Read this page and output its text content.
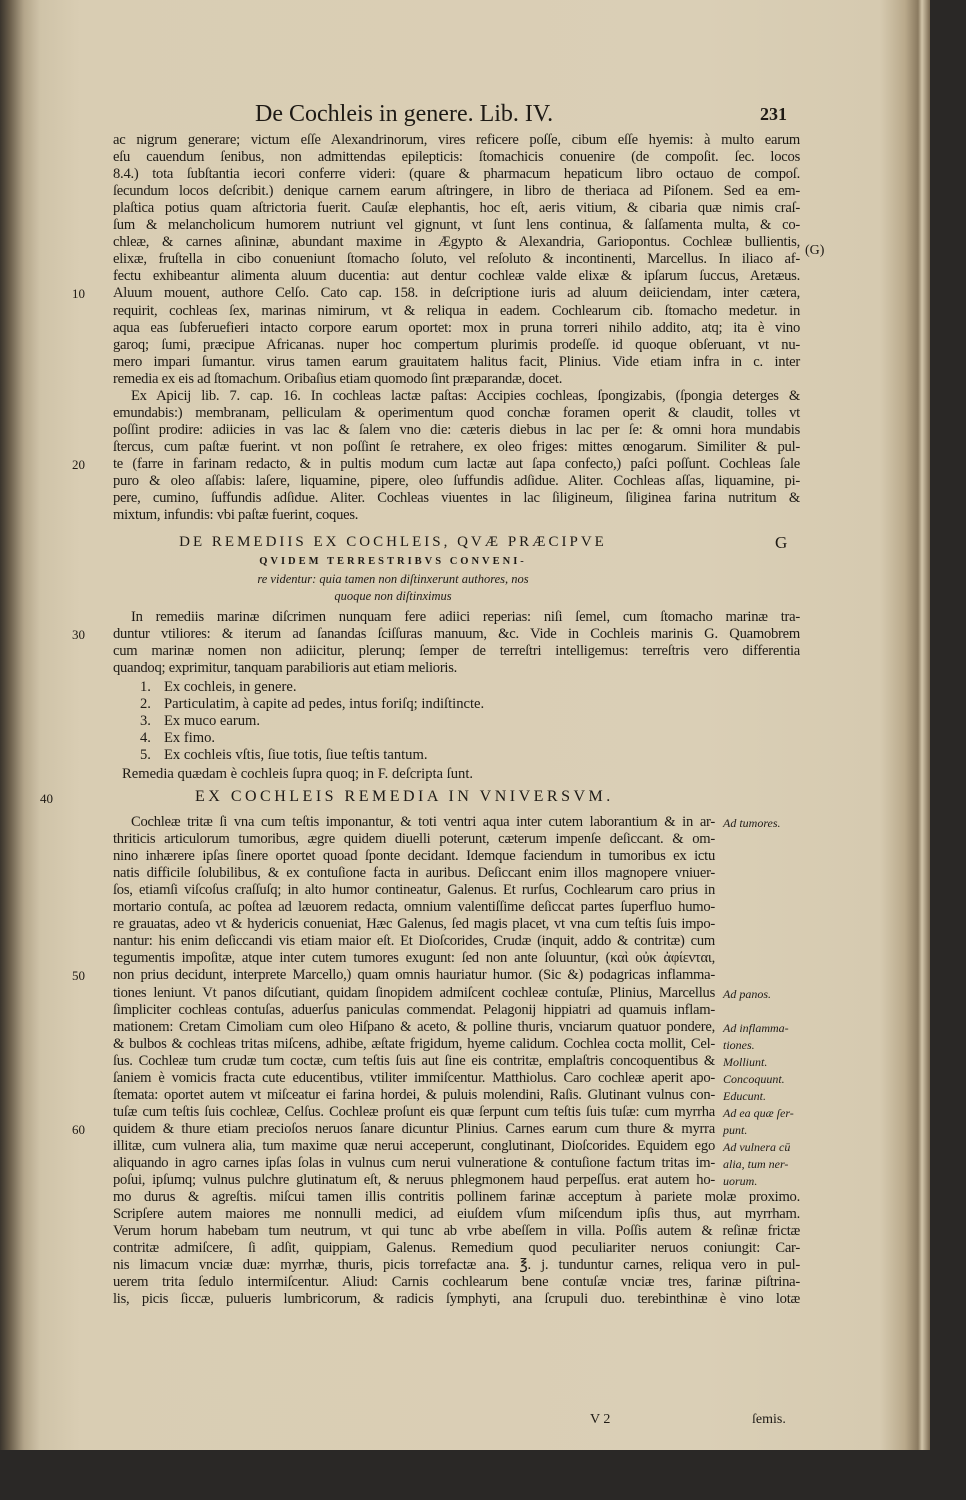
De Cochleis in genere. Lib. IV.	231
(G)
DE REMEDIIS EX COCHLEIS, QVÆ PRÆCIPVE	G
QVIDEM TERRESTRIBVS CONVENI-
re videntur: quia tamen non diſtinxerunt authores, nos
quoque non diſtinximus
Remedia quædam è cochleis ſupra quoq; in F. deſcripta ſunt.
EX COCHLEIS REMEDIA IN VNIVERSVM.
V 2	ſemis.
ac nigrum generare; victum eſſe Alexandrinorum, vires reficere poſſe, cibum eſſe hyemis: à multo earum
eſu cauendum ſenibus, non admittendas epilepticis: ſtomachicis conuenire (de compoſit. ſec. locos
8.4.) tota ſubſtantia iecori conferre videri: (quare & pharmacum hepaticum libro octauo de compoſ.
ſecundum locos deſcribit.) denique carnem earum aſtringere, in libro de theriaca ad Piſonem. Sed ea em-
plaſtica potius quam aſtrictoria fuerit. Cauſæ elephantis, hoc eſt, aeris vitium, & cibaria quæ nimis craſ-
ſum & melancholicum humorem nutriunt vel gignunt, vt ſunt lens continua, & ſalſamenta multa, & co-
chleæ, & carnes aſininæ, abundant maxime in Ægypto & Alexandria, Gariopontus. Cochleæ bullientis,
elixæ, fruſtella in cibo conueniunt ſtomacho ſoluto, vel reſoluto & incontinenti, Marcellus. In iliaco af-
fectu exhibeantur alimenta aluum ducentia: aut dentur cochleæ valde elixæ & ipſarum ſuccus, Aretæus.
Aluum mouent, authore Celſo. Cato cap. 158. in deſcriptione iuris ad aluum deiiciendam, inter cætera,
requirit, cochleas ſex, marinas nimirum, vt & reliqua in eadem. Cochlearum cib. ſtomacho medetur. in
aqua eas ſubferuefieri intacto corpore earum oportet: mox in pruna torreri nihilo addito, atq; ita è vino
garoq; ſumi, præcipue Africanas. nuper hoc compertum plurimis prodeſſe. id quoque obſeruant, vt nu-
mero impari ſumantur. virus tamen earum grauitatem halitus facit, Plinius. Vide etiam infra in c. inter
remedia ex eis ad ſtomachum. Oribaſius etiam quomodo ſint præparandæ, docet.
Ex Apicij lib. 7. cap. 16. In cochleas lactæ paſtas: Accipies cochleas, ſpongizabis, (ſpongia deterges &
emundabis:) membranam, pelliculam & operimentum quod conchæ foramen operit & claudit, tolles vt
poſſint prodire: adiicies in vas lac & ſalem vno die: cæteris diebus in lac per ſe: & omni hora mundabis
ſtercus, cum paſtæ fuerint. vt non poſſint ſe retrahere, ex oleo friges: mittes œnogarum. Similiter & pul-
te (farre in farinam redacto, & in pultis modum cum lactæ aut ſapa confecto,) paſci poſſunt. Cochleas ſale
puro & oleo aſſabis: laſere, liquamine, pipere, oleo ſuffundis adſidue. Aliter. Cochleas aſſas, liquamine, pi-
pere, cumino, ſuffundis adſidue. Aliter. Cochleas viuentes in lac ſiligineum, ſiliginea farina nutritum &
mixtum, infundis: vbi paſtæ fuerint, coques.
In remediis marinæ diſcrimen nunquam fere adiici reperias: niſi ſemel, cum ſtomacho marinæ tra-
duntur vtiliores: & iterum ad ſanandas ſciſſuras manuum, &c. Vide in Cochleis marinis G. Quamobrem
cum marinæ nomen non adiicitur, plerunq; ſemper de terreſtri intelligemus: terreſtris vero differentia
quandoq; exprimitur, tanquam parabilioris aut etiam melioris.
1. Ex cochleis, in genere.
2. Particulatim, à capite ad pedes, intus foriſq; indiſtincte.
3. Ex muco earum.
4. Ex fimo.
5. Ex cochleis vſtis, ſiue totis, ſiue teſtis tantum.
Cochleæ tritæ ſi vna cum teſtis imponantur, & toti ventri aqua inter cutem laborantium & in ar-
thriticis articulorum tumoribus, ægre quidem diuelli poterunt, cæterum impenſe deſiccant. & om-
nino inhærere ipſas ſinere oportet quoad ſponte decidant. Idemque faciendum in tumoribus ex ictu
natis difficile ſolubilibus, & ex contuſione facta in auribus. Deſiccant enim illos magnopere vniuer-
ſos, etiamſi viſcoſus craſſuſq; in alto humor contineatur, Galenus. Et rurſus, Cochlearum caro prius in
mortario contuſa, ac poſtea ad læuorem redacta, omnium valentiſſime deſiccat partes ſuperfluo humo-
re grauatas, adeo vt & hydericis conueniat, Hæc Galenus, ſed magis placet, vt vna cum teſtis ſuis impo-
nantur: his enim deſiccandi vis etiam maior eſt. Et Dioſcorides, Crudæ (inquit, addo & contritæ) cum
tegumentis impoſitæ, atque inter cutem tumores exugunt: ſed non ante ſoluuntur, (καὶ οὐκ ἀφίενται,
non prius decidunt, interprete Marcello,) quam omnis hauriatur humor. (Sic &) podagricas inflamma-
tiones leniunt. Vt panos diſcutiant, quidam ſinopidem admiſcent cochleæ contuſæ, Plinius, Marcellus
ſimpliciter cochleas contuſas, aduerſus paniculas commendat. Pelagonij hippiatri ad quamuis inflam-
mationem: Cretam Cimoliam cum oleo Hiſpano & aceto, & polline thuris, vnciarum quatuor pondere,
& bulbos & cochleas tritas miſcens, adhibe, æſtate frigidum, hyeme calidum. Cochlea cocta mollit, Cel-
ſus. Cochleæ tum crudæ tum coctæ, cum teſtis ſuis aut ſine eis contritæ, emplaſtris concoquentibus &
ſaniem è vomicis fracta cute educentibus, vtiliter immiſcentur. Matthiolus. Caro cochleæ aperit apo-
ſtemata: oportet autem vt miſceatur ei farina hordei, & puluis molendini, Raſis. Glutinant vulnus con-
tuſæ cum teſtis ſuis cochleæ, Celſus. Cochleæ proſunt eis quæ ſerpunt cum teſtis ſuis tuſæ: cum myrrha
quidem & thure etiam precioſos neruos ſanare dicuntur Plinius. Carnes earum cum thure & myrra
illitæ, cum vulnera alia, tum maxime quæ nerui acceperunt, conglutinant, Dioſcorides. Equidem ego
aliquando in agro carnes ipſas ſolas in vulnus cum nerui vulneratione & contuſione factum tritas im-
poſui, ipſumq; vulnus pulchre glutinatum eſt, & neruus phlegmonem haud perpeſſus. erat autem ho-
mo durus & agreſtis. miſcui tamen illis contritis pollinem farinæ acceptum à pariete molæ proximo.
Scripſere autem maiores me nonnulli medici, ad eiuſdem vſum miſcendum ipſis thus, aut myrrham.
Verum horum habebam tum neutrum, vt qui tunc ab vrbe abeſſem in villa. Poſſis autem & reſinæ frictæ
contritæ admiſcere, ſi adſit, quippiam, Galenus. Remedium quod peculiariter neruos coniungit: Car-
nis limacum vnciæ duæ: myrrhæ, thuris, picis torrefactæ ana. ℥. j. tunduntur carnes, reliqua vero in pul-
uerem trita ſedulo intermiſcentur. Aliud: Carnis cochlearum bene contuſæ vnciæ tres, farinæ piſtrina-
lis, picis ſiccæ, pulueris lumbricorum, & radicis ſymphyti, ana ſcrupuli duo. terebinthinæ è vino lotæ
10
20
30
40
50
60
Ad tumores.
Ad panos.
Ad inflamma-
tiones.
Molliunt.
Concoquunt.
Educunt.
Ad ea quæ ſer-
punt.
Ad vulnera cū
alia, tum ner-
uorum.
